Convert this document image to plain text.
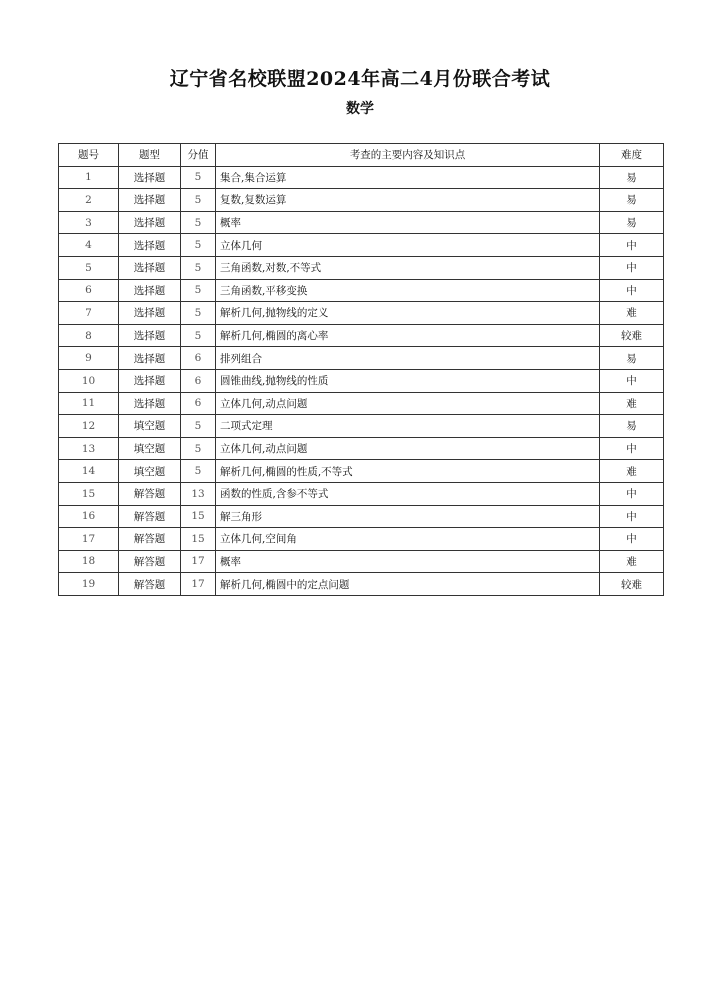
辽宁省名校联盟2024年高二4月份联合考试
数学
题号	题型	分值	考查的主要内容及知识点	难度
1	选择题	5	集合,集合运算	易
2	选择题	5	复数,复数运算	易
3	选择题	5	概率	易
4	选择题	5	立体几何	中
5	选择题	5	三角函数,对数,不等式	中
6	选择题	5	三角函数,平移变换	中
7	选择题	5	解析几何,抛物线的定义	难
8	选择题	5	解析几何,椭圆的离心率	较难
9	选择题	6	排列组合	易
10	选择题	6	圆锥曲线,抛物线的性质	中
11	选择题	6	立体几何,动点问题	难
12	填空题	5	二项式定理	易
13	填空题	5	立体几何,动点问题	中
14	填空题	5	解析几何,椭圆的性质,不等式	难
15	解答题	13	函数的性质,含参不等式	中
16	解答题	15	解三角形	中
17	解答题	15	立体几何,空间角	中
18	解答题	17	概率	难
19	解答题	17	解析几何,椭圆中的定点问题	较难
